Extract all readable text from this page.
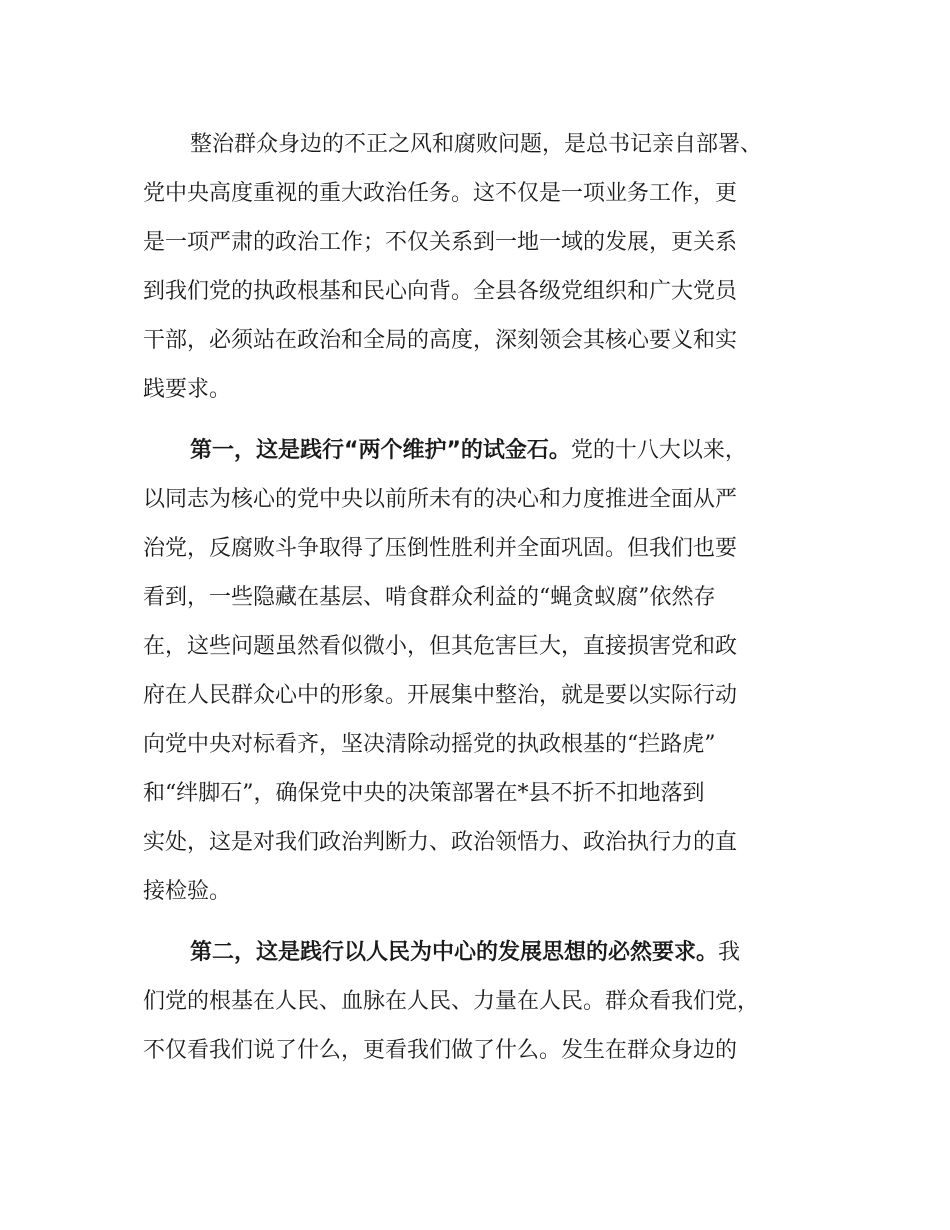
整治群众身边的不正之风和腐败问题，是总书记亲自部署、
党中央高度重视的重大政治任务。这不仅是一项业务工作，更
是一项严肃的政治工作；不仅关系到一地一域的发展，更关系
到我们党的执政根基和民心向背。全县各级党组织和广大党员
干部，必须站在政治和全局的高度，深刻领会其核心要义和实
践要求。
第一，这是践行“两个维护”的试金石。党的十八大以来，
以同志为核心的党中央以前所未有的决心和力度推进全面从严
治党，反腐败斗争取得了压倒性胜利并全面巩固。但我们也要
看到，一些隐藏在基层、啃食群众利益的“蝇贪蚁腐”依然存
在，这些问题虽然看似微小，但其危害巨大，直接损害党和政
府在人民群众心中的形象。开展集中整治，就是要以实际行动
向党中央对标看齐，坚决清除动摇党的执政根基的“拦路虎”
和“绊脚石”，确保党中央的决策部署在*县不折不扣地落到
实处，这是对我们政治判断力、政治领悟力、政治执行力的直
接检验。
第二，这是践行以人民为中心的发展思想的必然要求。我
们党的根基在人民、血脉在人民、力量在人民。群众看我们党，
不仅看我们说了什么，更看我们做了什么。发生在群众身边的
